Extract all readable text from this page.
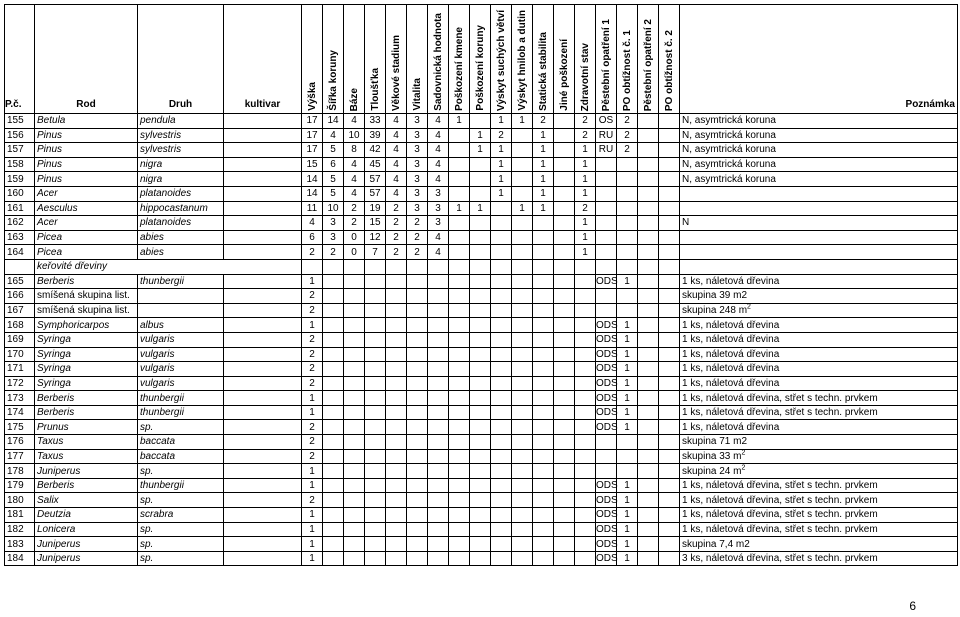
P.č.	Rod	Druh	kultivar	Výška	Šířka koruny	Báze	Tloušťka	Věkové stadium	Vitalita	Sadovnická hodnota	Poškození kmene	Poškození koruny	Výskyt suchých větví	Výskyt hnilob a dutin	Statická stabilita	Jiné poškození	Zdravotní stav	Pěstební opatření 1	PO obtížnost č. 1	Pěstební opatření 2	PO obtížnost č. 2	Poznámka
155	Betula	pendula		17	14	4	33	4	3	4	1		1	1	2		2	OS	2			N, asymtrická koruna
156	Pinus	sylvestris		17	4	10	39	4	3	4		1	2		1		2	RU	2			N, asymtrická koruna
157	Pinus	sylvestris		17	5	8	42	4	3	4		1	1		1		1	RU	2			N, asymtrická koruna
158	Pinus	nigra		15	6	4	45	4	3	4			1		1		1					N, asymtrická koruna
159	Pinus	nigra		14	5	4	57	4	3	4			1		1		1					N, asymtrická koruna
160	Acer	platanoides		14	5	4	57	4	3	3			1		1		1					
161	Aesculus	hippocastanum		11	10	2	19	2	3	3	1	1		1	1		2					
162	Acer	platanoides		4	3	2	15	2	2	3							1					N
163	Picea	abies		6	3	0	12	2	2	4							1					
164	Picea	abies		2	2	0	7	2	2	4							1					
	keřovité dřeviny																					
165	Berberis	thunbergii		1														ODS	1			1 ks, náletová dřevina
166	smíšená skupina list.			2																		skupina 39 m2
167	smíšená skupina list.			2																		skupina 248 $m^2$
168	Symphoricarpos	albus		1														ODS	1			1 ks, náletová dřevina
169	Syringa	vulgaris		2														ODS	1			1 ks, náletová dřevina
170	Syringa	vulgaris		2														ODS	1			1 ks, náletová dřevina
171	Syringa	vulgaris		2														ODS	1			1 ks, náletová dřevina
172	Syringa	vulgaris		2														ODS	1			1 ks, náletová dřevina
173	Berberis	thunbergii		1														ODS	1			1 ks, náletová dřevina, střet s techn. prvkem
174	Berberis	thunbergii		1														ODS	1			1 ks, náletová dřevina, střet s techn. prvkem
175	Prunus	sp.		2														ODS	1			1 ks, náletová dřevina
176	Taxus	baccata		2																		skupina 71 m2
177	Taxus	baccata		2																		skupina 33 $m^2$
178	Juniperus	sp.		1																		skupina 24 $m^2$
179	Berberis	thunbergii		1														ODS	1			1 ks, náletová dřevina, střet s techn. prvkem
180	Salix	sp.		2														ODS	1			1 ks, náletová dřevina, střet s techn. prvkem
181	Deutzia	scrabra		1														ODS	1			1 ks, náletová dřevina, střet s techn. prvkem
182	Lonicera	sp.		1														ODS	1			1 ks, náletová dřevina, střet s techn. prvkem
183	Juniperus	sp.		1														ODS	1			skupina 7,4 m2
184	Juniperus	sp.		1														ODS	1			3 ks, náletová dřevina, střet s techn. prvkem
6
